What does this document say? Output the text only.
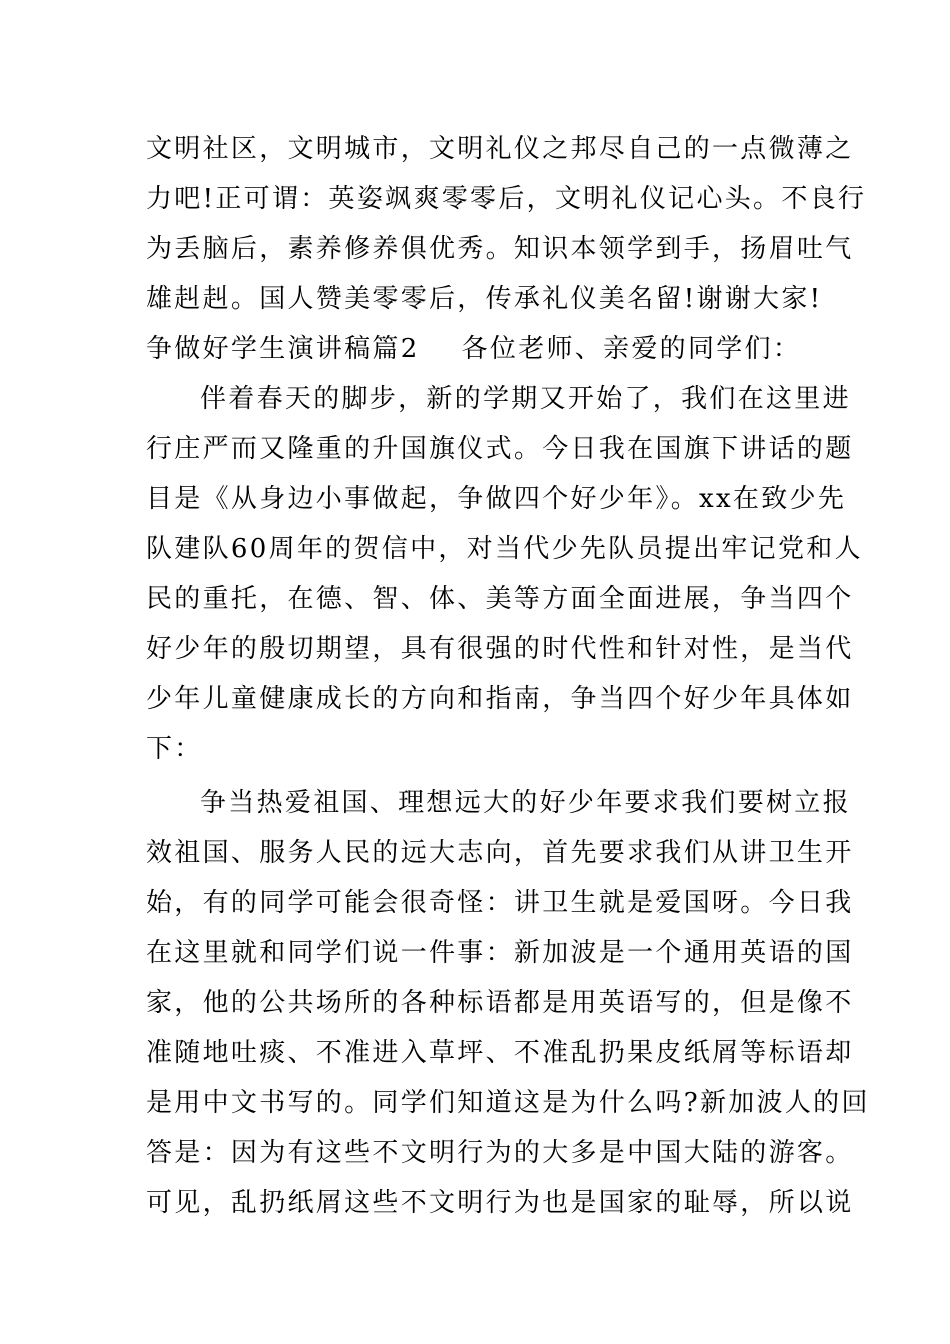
文明社区，文明城市，文明礼仪之邦尽自己的一点微薄之
力吧!正可谓：英姿飒爽零零后，文明礼仪记心头。不良行
为丢脑后，素养修养俱优秀。知识本领学到手，扬眉吐气
雄赳赳。国人赞美零零后，传承礼仪美名留!谢谢大家!
争做好学生演讲稿篇2 各位老师、亲爱的同学们：
伴着春天的脚步，新的学期又开始了，我们在这里进
行庄严而又隆重的升国旗仪式。今日我在国旗下讲话的题
目是《从身边小事做起，争做四个好少年》。xx在致少先
队建队60周年的贺信中，对当代少先队员提出牢记党和人
民的重托，在德、智、体、美等方面全面进展，争当四个
好少年的殷切期望，具有很强的时代性和针对性，是当代
少年儿童健康成长的方向和指南，争当四个好少年具体如
下：
争当热爱祖国、理想远大的好少年要求我们要树立报
效祖国、服务人民的远大志向，首先要求我们从讲卫生开
始，有的同学可能会很奇怪：讲卫生就是爱国呀。今日我
在这里就和同学们说一件事：新加波是一个通用英语的国
家，他的公共场所的各种标语都是用英语写的，但是像不
准随地吐痰、不准进入草坪、不准乱扔果皮纸屑等标语却
是用中文书写的。同学们知道这是为什么吗?新加波人的回
答是：因为有这些不文明行为的大多是中国大陆的游客。
可见，乱扔纸屑这些不文明行为也是国家的耻辱，所以说
